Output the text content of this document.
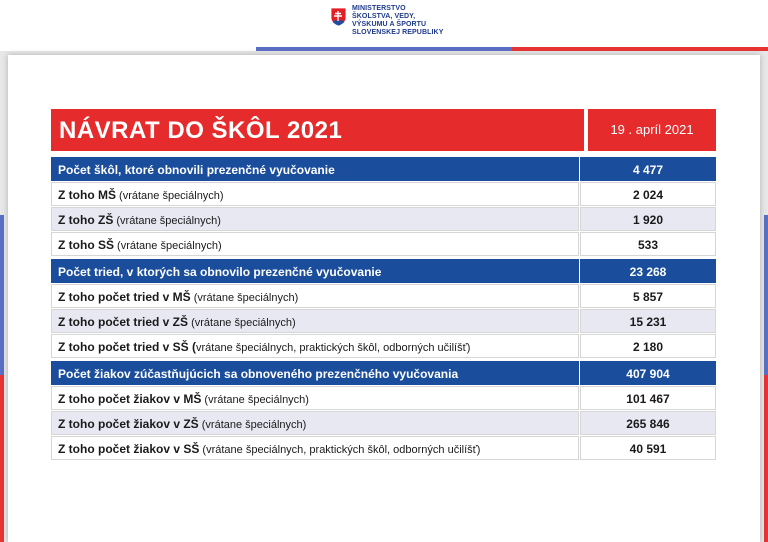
MINISTERSTVO
ŠKOLSTVA, VEDY,
VÝSKUMU A ŠPORTU
SLOVENSKEJ REPUBLIKY
NÁVRAT DO ŠKÔL 2021	19 . apríl 2021
Počet škôl, ktoré obnovili prezenčné vyučovanie	4 477
Z toho MŠ (vrátane špeciálnych)	2 024
Z toho ZŠ (vrátane špeciálnych)	1 920
Z toho SŠ (vrátane špeciálnych)	533
Počet tried, v ktorých sa obnovilo prezenčné vyučovanie	23 268
Z toho počet tried v MŠ (vrátane špeciálnych)	5 857
Z toho počet tried v ZŠ (vrátane špeciálnych)	15 231
Z toho počet tried v SŠ (vrátane špeciálnych, praktických škôl, odborných učilíšť)	2 180
Počet žiakov zúčastňujúcich sa obnoveného prezenčného vyučovania	407 904
Z toho počet žiakov v MŠ (vrátane špeciálnych)	101 467
Z toho počet žiakov v ZŠ (vrátane špeciálnych)	265 846
Z toho počet žiakov v SŠ (vrátane špeciálnych, praktických škôl, odborných učilíšť)	40 591
